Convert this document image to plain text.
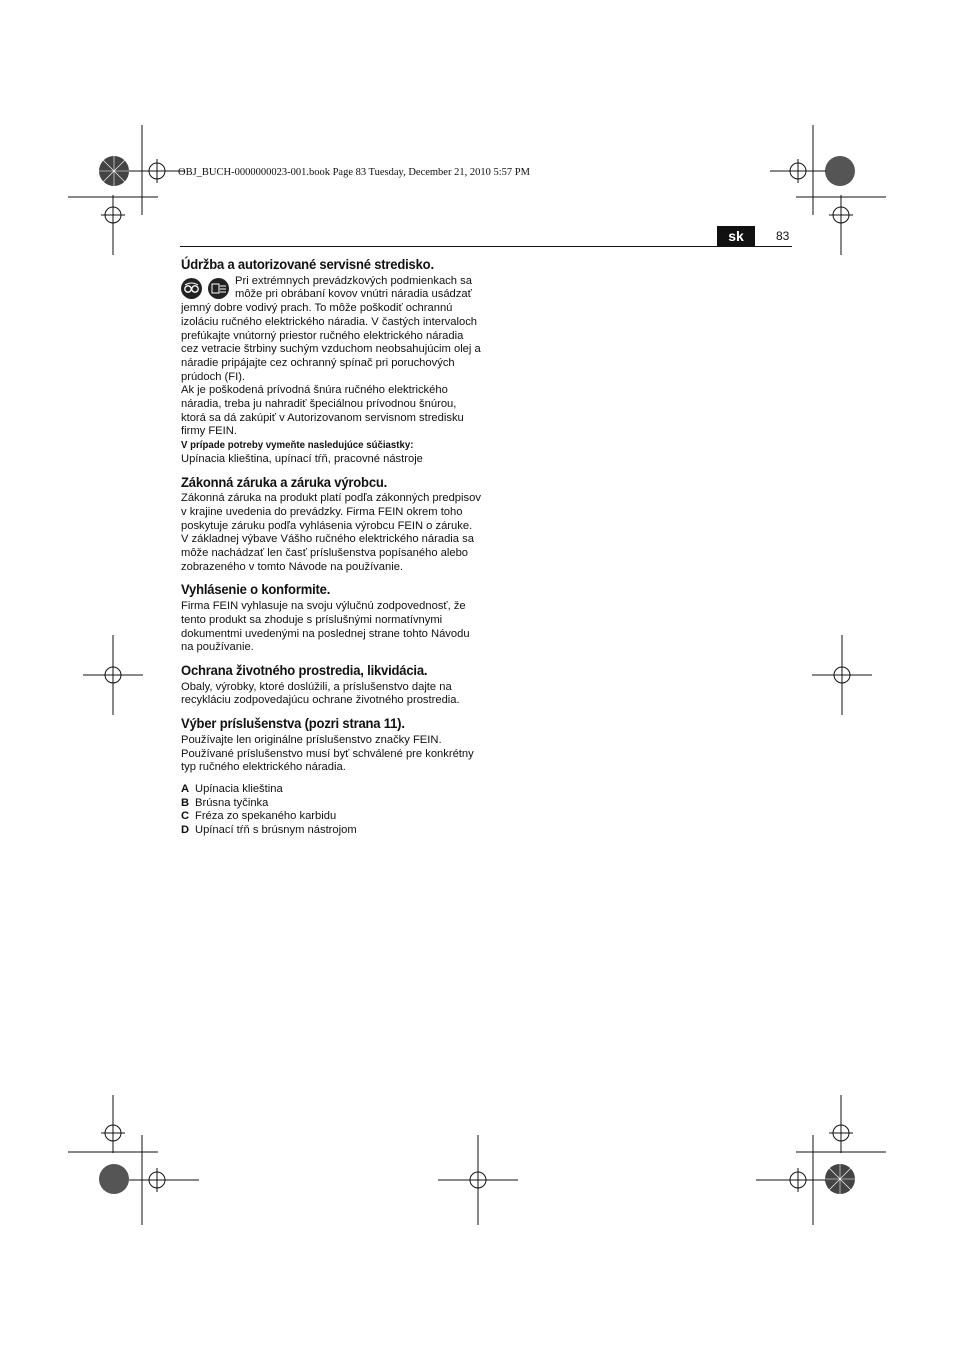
OBJ_BUCH-0000000023-001.book Page 83 Tuesday, December 21, 2010 5:57 PM
sk	83
Údržba a autorizované servisné stredisko.

Pri extrémnych prevádzkových podmienkach sa môže pri obrábaní kovov vnútri náradia usádzať jemný dobre vodivý prach. To môže poškodiť ochrannú izoláciu ručného elektrického náradia. V častých intervaloch prefúkajte vnútorný priestor ručného elektrického náradia cez vetracie štrbiny suchým vzduchom neobsahujúcim olej a náradie pripájajte cez ochranný spínač pri poruchových prúdoch (FI).

Ak je poškodená prívodná šnúra ručného elektrického náradia, treba ju nahradiť špeciálnou prívodnou šnúrou, ktorá sa dá zakúpiť v Autorizovanom servisnom stredisku firmy FEIN.

V prípade potreby vymeňte nasledujúce súčiastky:

Upínacia klieština, upínací tŕň, pracovné nástroje

Zákonná záruka a záruka výrobcu.

Zákonná záruka na produkt platí podľa zákonných predpisov v krajine uvedenia do prevádzky. Firma FEIN okrem toho poskytuje záruku podľa vyhlásenia výrobcu FEIN o záruke.

V základnej výbave Vášho ručného elektrického náradia sa môže nachádzať len časť príslušenstva popísaného alebo zobrazeného v tomto Návode na používanie.

Vyhlásenie o konformite.

Firma FEIN vyhlasuje na svoju výlučnú zodpovednosť, že tento produkt sa zhoduje s príslušnými normatívnymi dokumentmi uvedenými na poslednej strane tohto Návodu na používanie.

Ochrana životného prostredia, likvidácia.

Obaly, výrobky, ktoré doslúžili, a príslušenstvo dajte na recykláciu zodpovedajúcu ochrane životného prostredia.

Výber príslušenstva (pozri strana 11).

Používajte len originálne príslušenstvo značky FEIN. Používané príslušenstvo musí byť schválené pre konkrétny typ ručného elektrického náradia.

A Upínacia klieština
B Brúsna tyčinka
C Fréza zo spekaného karbidu
D Upínací tŕň s brúsnym nástrojom
